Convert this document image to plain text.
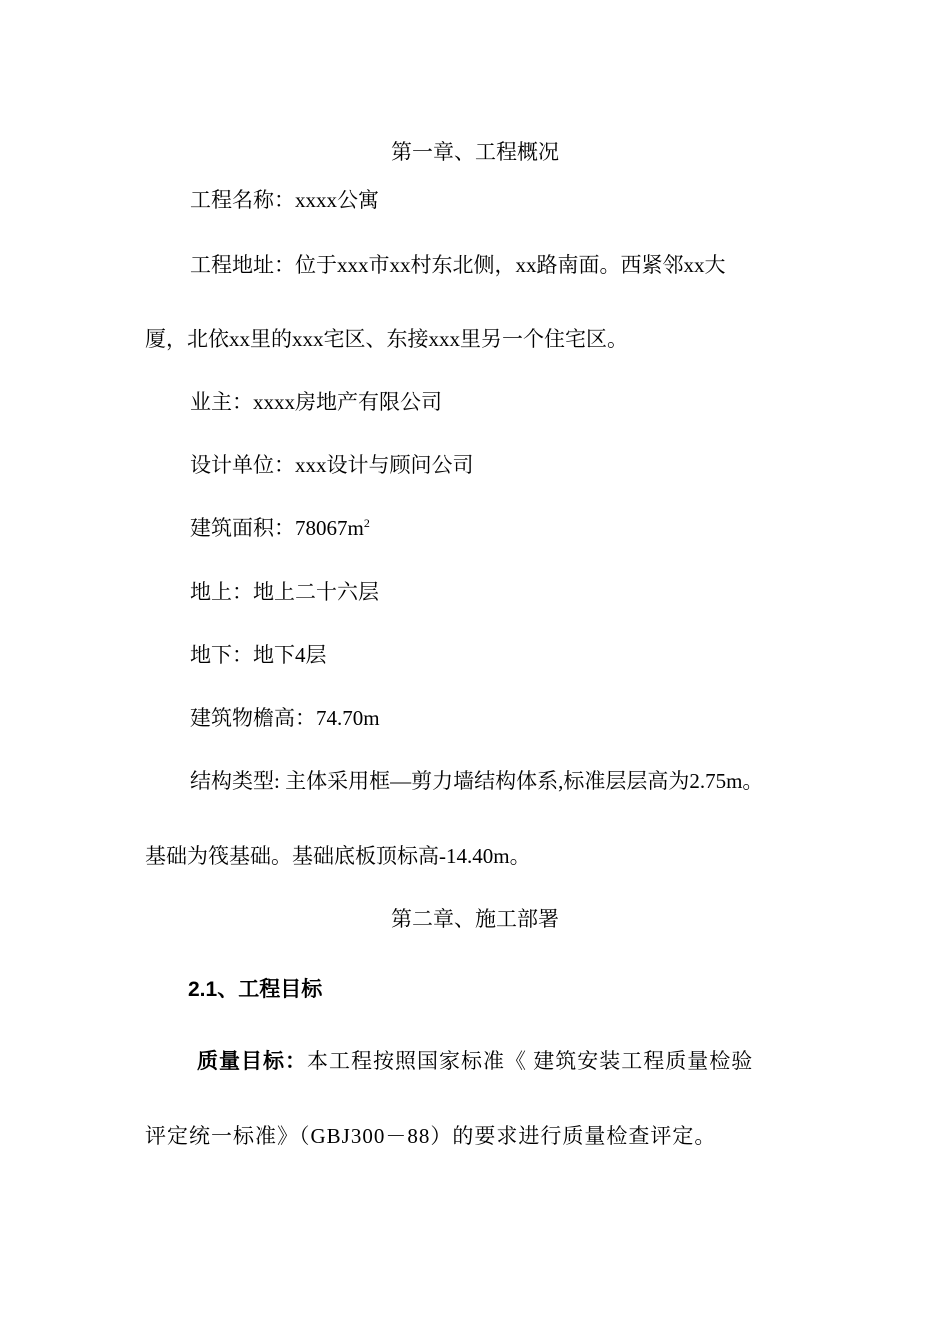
第一章、工程概况
工程名称：xxxx公寓
工程地址：位于xxx市xx村东北侧，xx路南面。西紧邻xx大
厦，北依xx里的xxx宅区、东接xxx里另一个住宅区。
业主：xxxx房地产有限公司
设计单位：xxx设计与顾问公司
建筑面积：$78067m^2$
地上：地上二十六层
地下：地下4层
建筑物檐高：74.70m
结构类型: 主体采用框—剪力墙结构体系,标准层层高为2.75m。
基础为筏基础。基础底板顶标高-14.40m。
第二章、施工部署
2.1、工程目标
质量目标：本工程按照国家标准《 建筑安装工程质量检验
评定统一标准》（GBJ300－88）的要求进行质量检查评定。
